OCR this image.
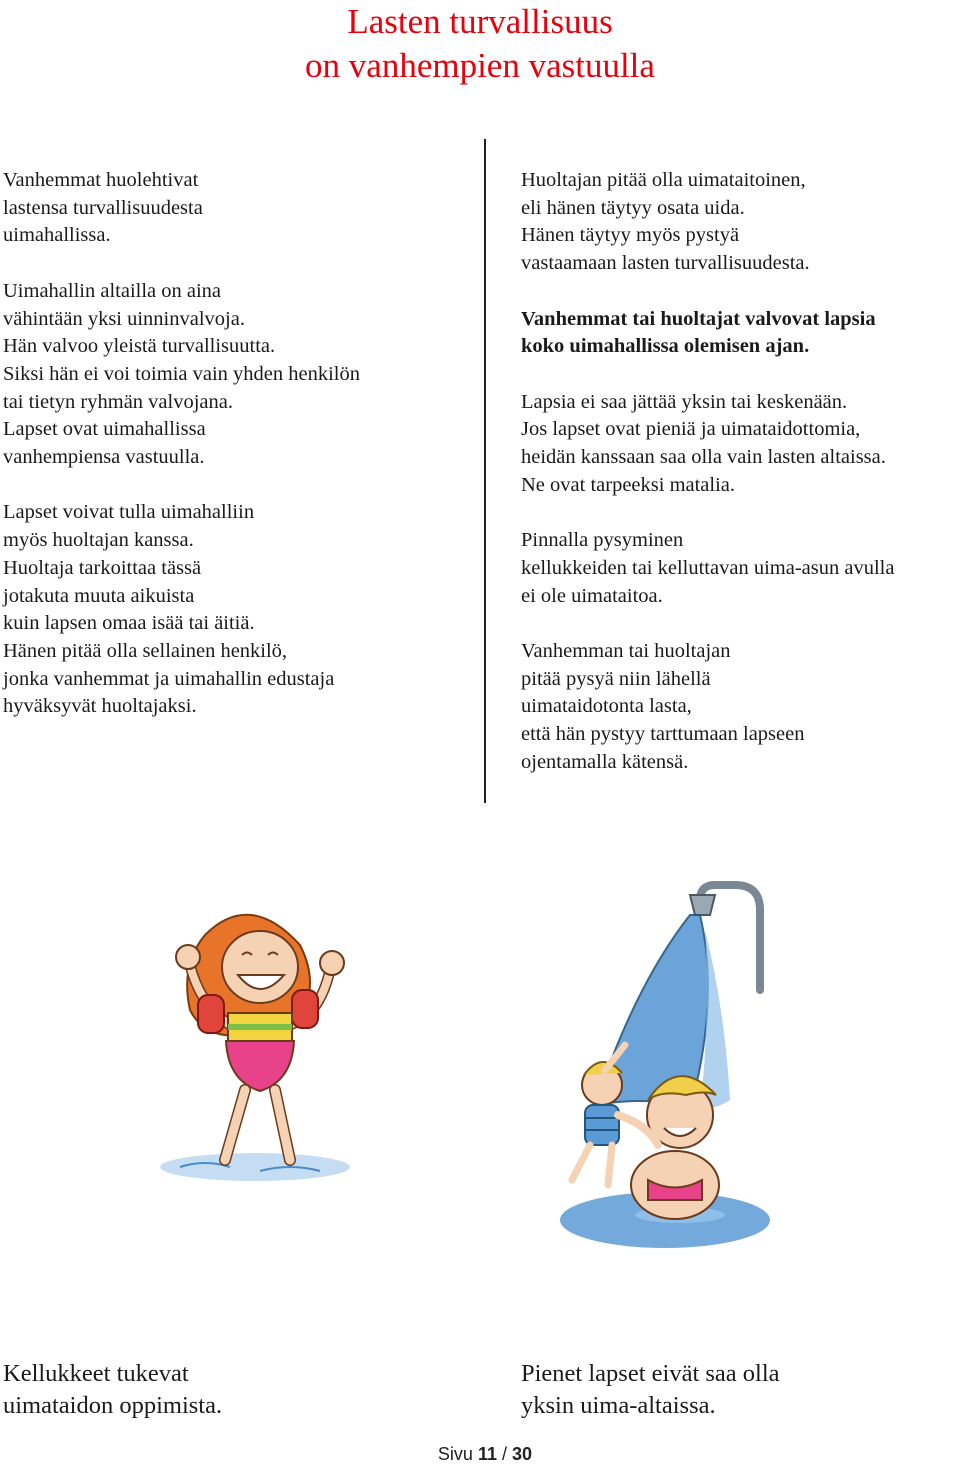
Lasten turvallisuus
on vanhempien vastuulla
Vanhemmat huolehtivat
lastensa turvallisuudesta
uimahallissa.
Uimahallin altailla on aina
vähintään yksi uinninvalvoja.
Hän valvoo yleistä turvallisuutta.
Siksi hän ei voi toimia vain yhden henkilön
tai tietyn ryhmän valvojana.
Lapset ovat uimahallissa
vanhempiensa vastuulla.
Lapset voivat tulla uimahalliin
myös huoltajan kanssa.
Huoltaja tarkoittaa tässä
jotakuta muuta aikuista
kuin lapsen omaa isää tai äitiä.
Hänen pitää olla sellainen henkilö,
jonka vanhemmat ja uimahallin edustaja
hyväksyvät huoltajaksi.
Huoltajan pitää olla uimataitoinen,
eli hänen täytyy osata uida.
Hänen täytyy myös pystyä
vastaamaan lasten turvallisuudesta.
Vanhemmat tai huoltajat valvovat lapsia
koko uimahallissa olemisen ajan.
Lapsia ei saa jättää yksin tai keskenään.
Jos lapset ovat pieniä ja uimataidottomia,
heidän kanssaan saa olla vain lasten altaissa.
Ne ovat tarpeeksi matalia.
Pinnalla pysyminen
kellukkeiden tai kelluttavan uima-asun avulla
ei ole uimataitoa.
Vanhemman tai huoltajan
pitää pysyä niin lähellä
uimataidotonta lasta,
että hän pystyy tarttumaan lapseen
ojentamalla kätensä.
Kellukkeet tukevat
uimataidon oppimista.
Pienet lapset eivät saa olla
yksin uima-altaissa.
Sivu 11 / 30
